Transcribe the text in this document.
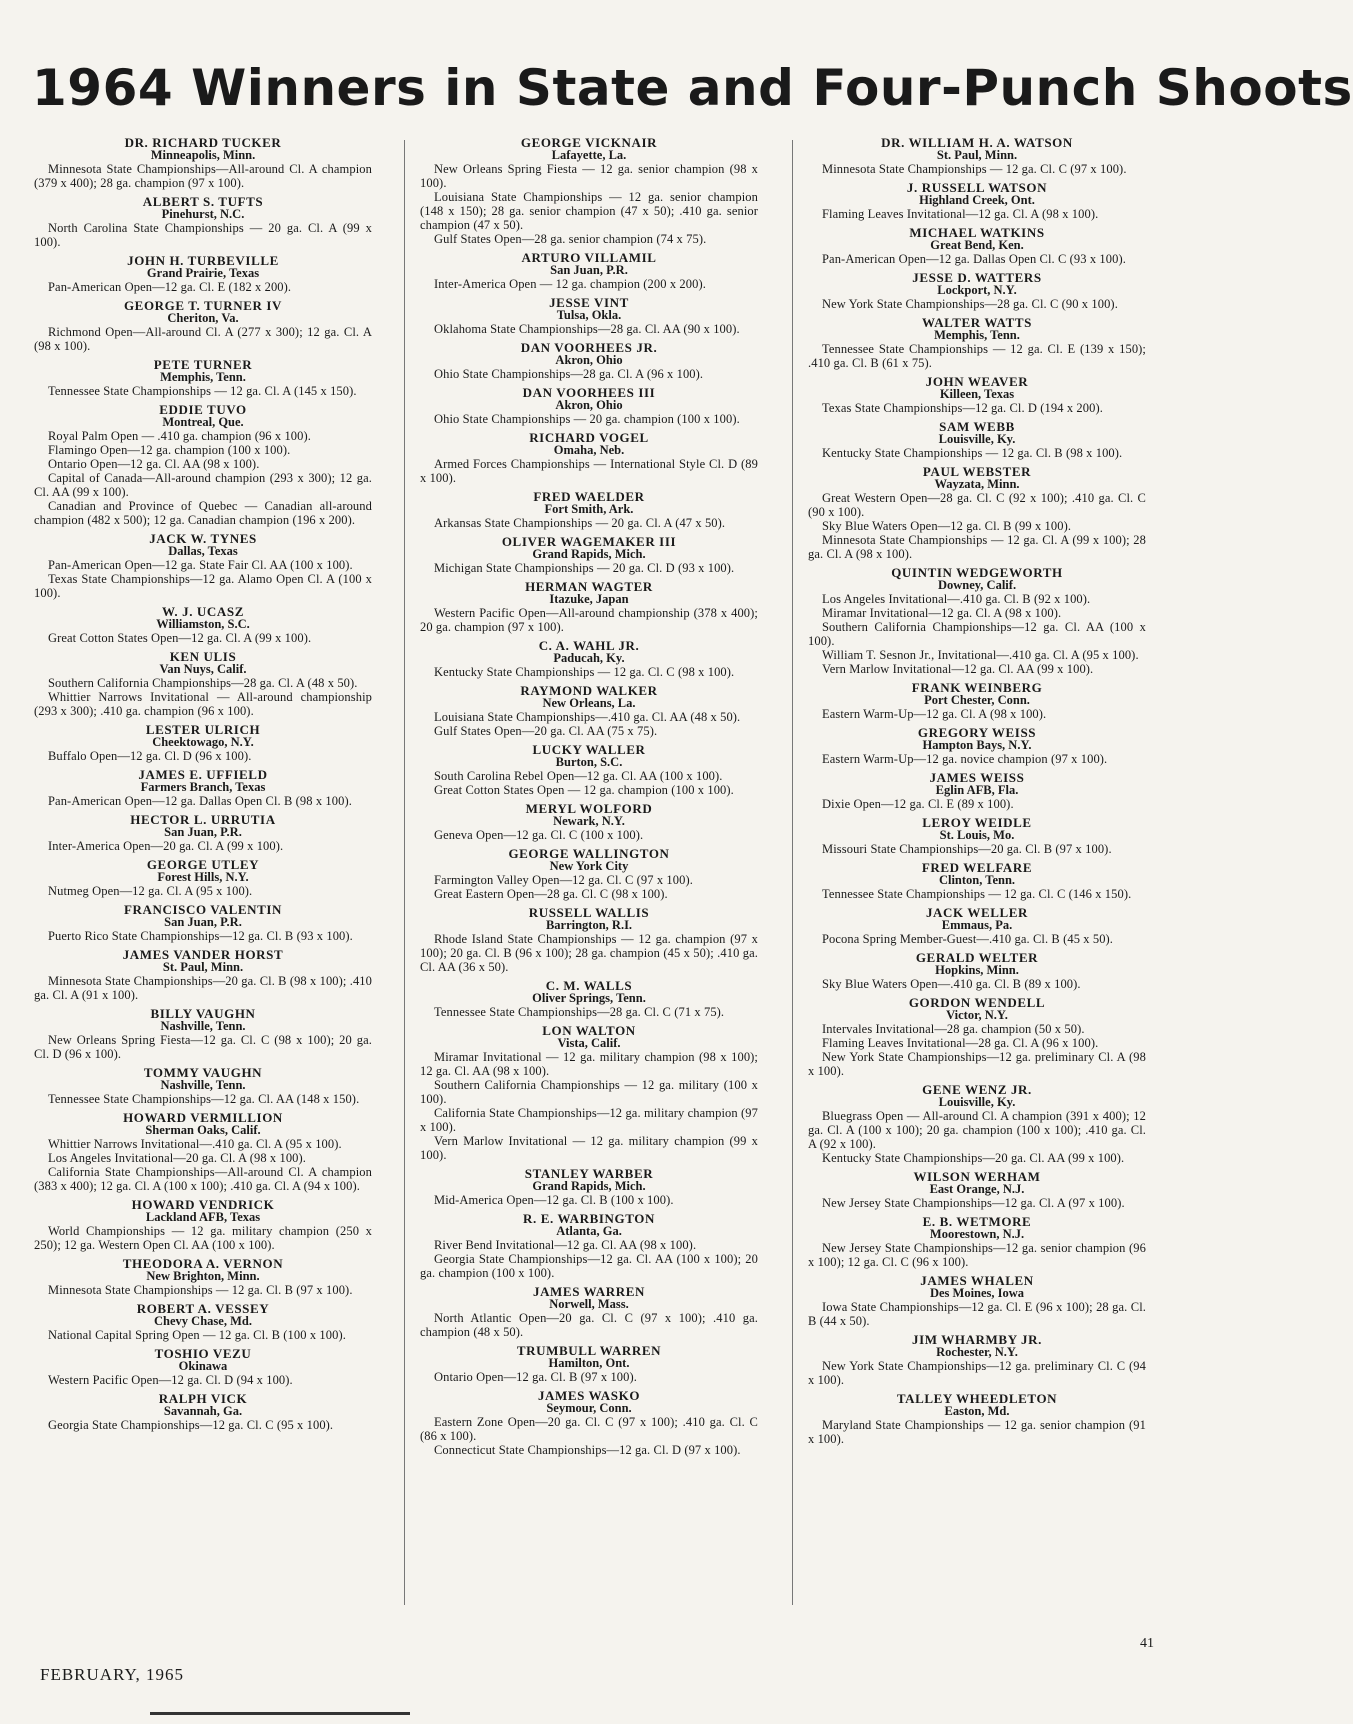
1964 Winners in State and Four-Punch Shoots
DR. RICHARD TUCKER
Minneapolis, Minn.
Minnesota State Championships—All-around Cl. A champion (379 x 400); 28 ga. champion (97 x 100).
ALBERT S. TUFTS
Pinehurst, N.C.
North Carolina State Championships — 20 ga. Cl. A (99 x 100).
JOHN H. TURBEVILLE
Grand Prairie, Texas
Pan-American Open—12 ga. Cl. E (182 x 200).
GEORGE T. TURNER IV
Cheriton, Va.
Richmond Open—All-around Cl. A (277 x 300); 12 ga. Cl. A (98 x 100).
PETE TURNER
Memphis, Tenn.
Tennessee State Championships — 12 ga. Cl. A (145 x 150).
EDDIE TUVO
Montreal, Que.
Royal Palm Open — .410 ga. champion (96 x 100).
Flamingo Open—12 ga. champion (100 x 100).
Ontario Open—12 ga. Cl. AA (98 x 100).
Capital of Canada—All-around champion (293 x 300); 12 ga. Cl. AA (99 x 100).
Canadian and Province of Quebec — Canadian all-around champion (482 x 500); 12 ga. Canadian champion (196 x 200).
JACK W. TYNES
Dallas, Texas
Pan-American Open—12 ga. State Fair Cl. AA (100 x 100).
Texas State Championships—12 ga. Alamo Open Cl. A (100 x 100).
W. J. UCASZ
Williamston, S.C.
Great Cotton States Open—12 ga. Cl. A (99 x 100).
KEN ULIS
Van Nuys, Calif.
Southern California Championships—28 ga. Cl. A (48 x 50).
Whittier Narrows Invitational — All-around championship (293 x 300); .410 ga. champion (96 x 100).
LESTER ULRICH
Cheektowago, N.Y.
Buffalo Open—12 ga. Cl. D (96 x 100).
JAMES E. UFFIELD
Farmers Branch, Texas
Pan-American Open—12 ga. Dallas Open Cl. B (98 x 100).
HECTOR L. URRUTIA
San Juan, P.R.
Inter-America Open—20 ga. Cl. A (99 x 100).
GEORGE UTLEY
Forest Hills, N.Y.
Nutmeg Open—12 ga. Cl. A (95 x 100).
FRANCISCO VALENTIN
San Juan, P.R.
Puerto Rico State Championships—12 ga. Cl. B (93 x 100).
JAMES VANDER HORST
St. Paul, Minn.
Minnesota State Championships—20 ga. Cl. B (98 x 100); .410 ga. Cl. A (91 x 100).
BILLY VAUGHN
Nashville, Tenn.
New Orleans Spring Fiesta—12 ga. Cl. C (98 x 100); 20 ga. Cl. D (96 x 100).
TOMMY VAUGHN
Nashville, Tenn.
Tennessee State Championships—12 ga. Cl. AA (148 x 150).
HOWARD VERMILLION
Sherman Oaks, Calif.
Whittier Narrows Invitational—.410 ga. Cl. A (95 x 100).
Los Angeles Invitational—20 ga. Cl. A (98 x 100).
California State Championships—All-around Cl. A champion (383 x 400); 12 ga. Cl. A (100 x 100); .410 ga. Cl. A (94 x 100).
HOWARD VENDRICK
Lackland AFB, Texas
World Championships — 12 ga. military champion (250 x 250); 12 ga. Western Open Cl. AA (100 x 100).
THEODORA A. VERNON
New Brighton, Minn.
Minnesota State Championships — 12 ga. Cl. B (97 x 100).
ROBERT A. VESSEY
Chevy Chase, Md.
National Capital Spring Open — 12 ga. Cl. B (100 x 100).
TOSHIO VEZU
Okinawa
Western Pacific Open—12 ga. Cl. D (94 x 100).
RALPH VICK
Savannah, Ga.
Georgia State Championships—12 ga. Cl. C (95 x 100).
GEORGE VICKNAIR
Lafayette, La.
New Orleans Spring Fiesta — 12 ga. senior champion (98 x 100).
Louisiana State Championships — 12 ga. senior champion (148 x 150); 28 ga. senior champion (47 x 50); .410 ga. senior champion (47 x 50).
Gulf States Open—28 ga. senior champion (74 x 75).
ARTURO VILLAMIL
San Juan, P.R.
Inter-America Open — 12 ga. champion (200 x 200).
JESSE VINT
Tulsa, Okla.
Oklahoma State Championships—28 ga. Cl. AA (90 x 100).
DAN VOORHEES JR.
Akron, Ohio
Ohio State Championships—28 ga. Cl. A (96 x 100).
DAN VOORHEES III
Akron, Ohio
Ohio State Championships — 20 ga. champion (100 x 100).
RICHARD VOGEL
Omaha, Neb.
Armed Forces Championships — International Style Cl. D (89 x 100).
FRED WAELDER
Fort Smith, Ark.
Arkansas State Championships — 20 ga. Cl. A (47 x 50).
OLIVER WAGEMAKER III
Grand Rapids, Mich.
Michigan State Championships — 20 ga. Cl. D (93 x 100).
HERMAN WAGTER
Itazuke, Japan
Western Pacific Open—All-around championship (378 x 400); 20 ga. champion (97 x 100).
C. A. WAHL JR.
Paducah, Ky.
Kentucky State Championships — 12 ga. Cl. C (98 x 100).
RAYMOND WALKER
New Orleans, La.
Louisiana State Championships—.410 ga. Cl. AA (48 x 50).
Gulf States Open—20 ga. Cl. AA (75 x 75).
LUCKY WALLER
Burton, S.C.
South Carolina Rebel Open—12 ga. Cl. AA (100 x 100).
Great Cotton States Open — 12 ga. champion (100 x 100).
MERYL WOLFORD
Newark, N.Y.
Geneva Open—12 ga. Cl. C (100 x 100).
GEORGE WALLINGTON
New York City
Farmington Valley Open—12 ga. Cl. C (97 x 100).
Great Eastern Open—28 ga. Cl. C (98 x 100).
RUSSELL WALLIS
Barrington, R.I.
Rhode Island State Championships — 12 ga. champion (97 x 100); 20 ga. Cl. B (96 x 100); 28 ga. champion (45 x 50); .410 ga. Cl. AA (36 x 50).
C. M. WALLS
Oliver Springs, Tenn.
Tennessee State Championships—28 ga. Cl. C (71 x 75).
LON WALTON
Vista, Calif.
Miramar Invitational — 12 ga. military champion (98 x 100); 12 ga. Cl. AA (98 x 100).
Southern California Championships — 12 ga. military (100 x 100).
California State Championships—12 ga. military champion (97 x 100).
Vern Marlow Invitational — 12 ga. military champion (99 x 100).
STANLEY WARBER
Grand Rapids, Mich.
Mid-America Open—12 ga. Cl. B (100 x 100).
R. E. WARBINGTON
Atlanta, Ga.
River Bend Invitational—12 ga. Cl. AA (98 x 100).
Georgia State Championships—12 ga. Cl. AA (100 x 100); 20 ga. champion (100 x 100).
JAMES WARREN
Norwell, Mass.
North Atlantic Open—20 ga. Cl. C (97 x 100); .410 ga. champion (48 x 50).
TRUMBULL WARREN
Hamilton, Ont.
Ontario Open—12 ga. Cl. B (97 x 100).
JAMES WASKO
Seymour, Conn.
Eastern Zone Open—20 ga. Cl. C (97 x 100); .410 ga. Cl. C (86 x 100).
Connecticut State Championships—12 ga. Cl. D (97 x 100).
DR. WILLIAM H. A. WATSON
St. Paul, Minn.
Minnesota State Championships — 12 ga. Cl. C (97 x 100).
J. RUSSELL WATSON
Highland Creek, Ont.
Flaming Leaves Invitational—12 ga. Cl. A (98 x 100).
MICHAEL WATKINS
Great Bend, Ken.
Pan-American Open—12 ga. Dallas Open Cl. C (93 x 100).
JESSE D. WATTERS
Lockport, N.Y.
New York State Championships—28 ga. Cl. C (90 x 100).
WALTER WATTS
Memphis, Tenn.
Tennessee State Championships — 12 ga. Cl. E (139 x 150); .410 ga. Cl. B (61 x 75).
JOHN WEAVER
Killeen, Texas
Texas State Championships—12 ga. Cl. D (194 x 200).
SAM WEBB
Louisville, Ky.
Kentucky State Championships — 12 ga. Cl. B (98 x 100).
PAUL WEBSTER
Wayzata, Minn.
Great Western Open—28 ga. Cl. C (92 x 100); .410 ga. Cl. C (90 x 100).
Sky Blue Waters Open—12 ga. Cl. B (99 x 100).
Minnesota State Championships — 12 ga. Cl. A (99 x 100); 28 ga. Cl. A (98 x 100).
QUINTIN WEDGEWORTH
Downey, Calif.
Los Angeles Invitational—.410 ga. Cl. B (92 x 100).
Miramar Invitational—12 ga. Cl. A (98 x 100).
Southern California Championships—12 ga. Cl. AA (100 x 100).
William T. Sesnon Jr., Invitational—.410 ga. Cl. A (95 x 100).
Vern Marlow Invitational—12 ga. Cl. AA (99 x 100).
FRANK WEINBERG
Port Chester, Conn.
Eastern Warm-Up—12 ga. Cl. A (98 x 100).
GREGORY WEISS
Hampton Bays, N.Y.
Eastern Warm-Up—12 ga. novice champion (97 x 100).
JAMES WEISS
Eglin AFB, Fla.
Dixie Open—12 ga. Cl. E (89 x 100).
LEROY WEIDLE
St. Louis, Mo.
Missouri State Championships—20 ga. Cl. B (97 x 100).
FRED WELFARE
Clinton, Tenn.
Tennessee State Championships — 12 ga. Cl. C (146 x 150).
JACK WELLER
Emmaus, Pa.
Pocona Spring Member-Guest—.410 ga. Cl. B (45 x 50).
GERALD WELTER
Hopkins, Minn.
Sky Blue Waters Open—.410 ga. Cl. B (89 x 100).
GORDON WENDELL
Victor, N.Y.
Intervales Invitational—28 ga. champion (50 x 50).
Flaming Leaves Invitational—28 ga. Cl. A (96 x 100).
New York State Championships—12 ga. preliminary Cl. A (98 x 100).
GENE WENZ JR.
Louisville, Ky.
Bluegrass Open — All-around Cl. A champion (391 x 400); 12 ga. Cl. A (100 x 100); 20 ga. champion (100 x 100); .410 ga. Cl. A (92 x 100).
Kentucky State Championships—20 ga. Cl. AA (99 x 100).
WILSON WERHAM
East Orange, N.J.
New Jersey State Championships—12 ga. Cl. A (97 x 100).
E. B. WETMORE
Moorestown, N.J.
New Jersey State Championships—12 ga. senior champion (96 x 100); 12 ga. Cl. C (96 x 100).
JAMES WHALEN
Des Moines, Iowa
Iowa State Championships—12 ga. Cl. E (96 x 100); 28 ga. Cl. B (44 x 50).
JIM WHARMBY JR.
Rochester, N.Y.
New York State Championships—12 ga. preliminary Cl. C (94 x 100).
TALLEY WHEEDLETON
Easton, Md.
Maryland State Championships — 12 ga. senior champion (91 x 100).
FEBRUARY, 1965
41
